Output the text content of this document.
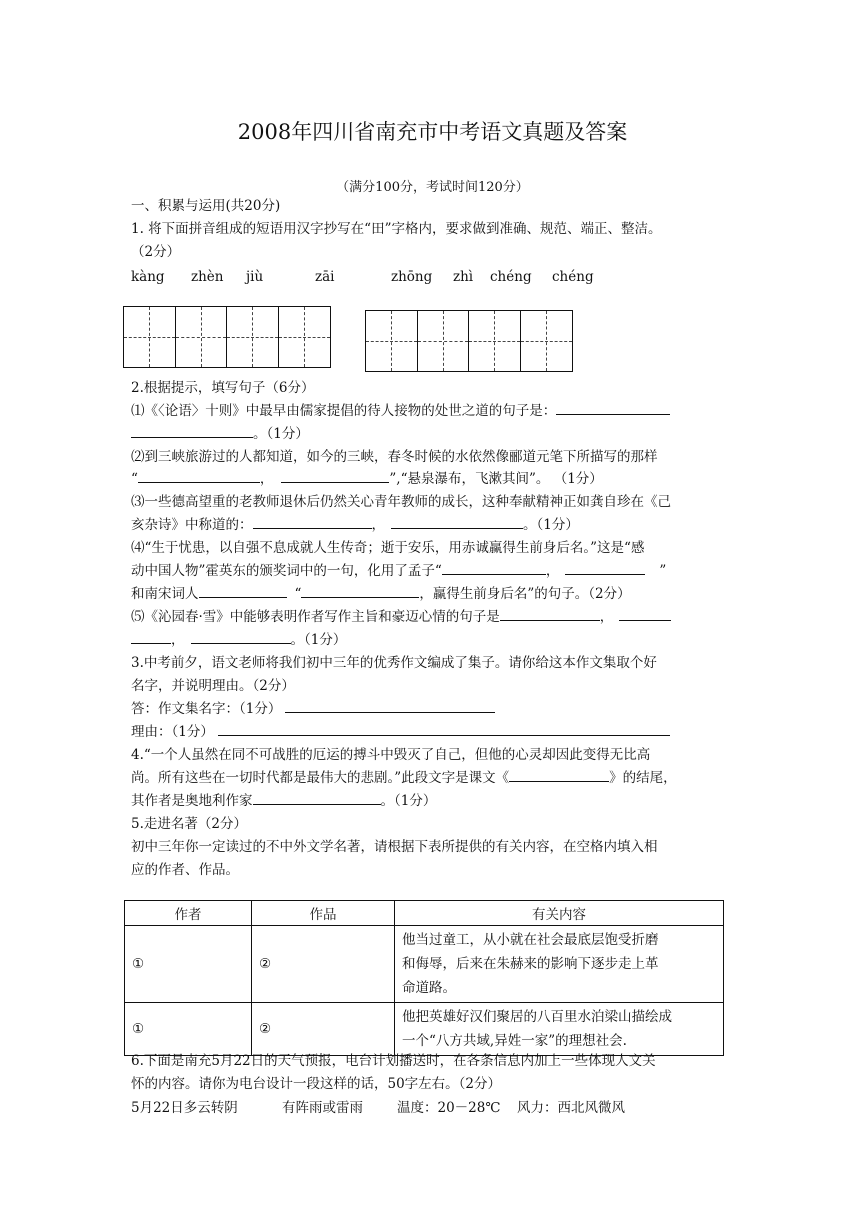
2008年四川省南充市中考语文真题及答案
（满分100分，考试时间120分）
一、积累与运用(共20分)
1. 将下面拼音组成的短语用汉字抄写在“田”字格内，要求做到准确、规范、端正、整洁。
（2分）
kàng zhèn jiù	zāi	zhōng zhì chéng chéng
2.根据提示，填写句子（6分）
⑴《〈论语〉十则》中最早由儒家提倡的待人接物的处世之道的句子是：
。（1分）
⑵到三峡旅游过的人都知道，如今的三峡，春冬时候的水依然像郦道元笔下所描写的那样
“	，	”,“悬泉瀑布，飞漱其间”。 （1分）
⑶一些德高望重的老教师退休后仍然关心青年教师的成长，这种奉献精神正如龚自珍在《己
亥杂诗》中称道的：	，	。（1分）
⑷“生于忧患，以自强不息成就人生传奇；逝于安乐，用赤诚赢得生前身后名。”这是“感
动中国人物”霍英东的颁奖词中的一句，化用了孟子“	，	”
和南宋词人	“	，赢得生前身后名”的句子。（2分）
⑸《沁园春·雪》中能够表明作者写作主旨和豪迈心情的句子是	，
，	。（1分）
3.中考前夕，语文老师将我们初中三年的优秀作文编成了集子。请你给这本作文集取个好
名字，并说明理由。（2分）
答：作文集名字：（1分）
理由：（1分）
4.“一个人虽然在同不可战胜的厄运的搏斗中毁灭了自己，但他的心灵却因此变得无比高
尚。所有这些在一切时代都是最伟大的悲剧。”此段文字是课文《	》的结尾，
其作者是奥地利作家	。（1分）
5.走进名著（2分）
初中三年你一定读过的不中外文学名著，请根据下表所提供的有关内容，在空格内填入相
应的作者、作品。
作者	作品	有关内容
①	②	他当过童工，从小就在社会最底层饱受折磨
和侮辱，后来在朱赫来的影响下逐步走上革
命道路。

①	②	他把英雄好汉们聚居的八百里水泊梁山描绘成
一个“八方共域,异姓一家”的理想社会.
6.下面是南充5月22日的天气预报，电台计划播送时，在各条信息内加上一些体现人文关
怀的内容。请你为电台设计一段这样的话，50字左右。（2分）
5月22日多云转阴	有阵雨或雷雨	温度：20－28℃ 风力：西北风微风
